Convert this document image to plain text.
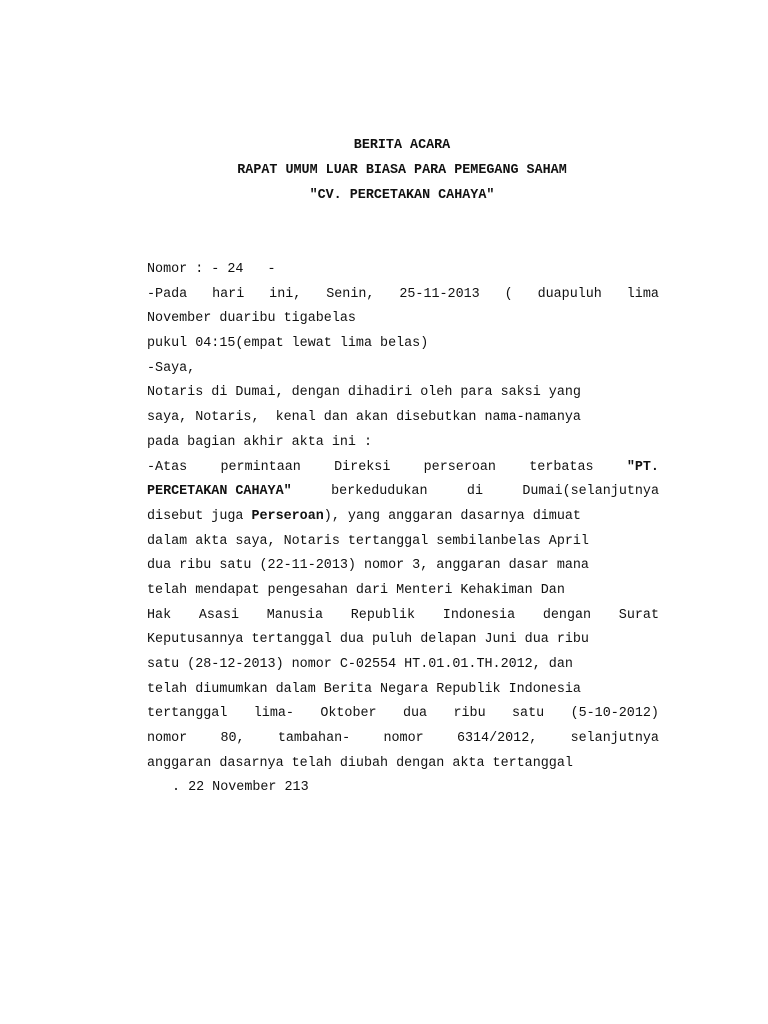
BERITA ACARA

RAPAT UMUM LUAR BIASA PARA PEMEGANG SAHAM

"CV. PERCETAKAN CAHAYA"

Nomor : - 24   -

-Pada hari ini, Senin, 25-11-2013 ( duapuluh lima

November duaribu tigabelas

pukul 04:15(empat lewat lima belas)

-Saya,

Notaris di Dumai, dengan dihadiri oleh para saksi yang

saya, Notaris,  kenal dan akan disebutkan nama-namanya

pada bagian akhir akta ini :

-Atas permintaan Direksi perseroan terbatas "PT.

PERCETAKAN CAHAYA"	berkedudukan	di	Dumai(selanjutnya

disebut juga Perseroan), yang anggaran dasarnya dimuat

dalam akta saya, Notaris tertanggal sembilanbelas April

dua ribu satu (22-11-2013) nomor 3, anggaran dasar mana

telah mendapat pengesahan dari Menteri Kehakiman Dan

Hak Asasi Manusia Republik Indonesia dengan Surat

Keputusannya tertanggal dua puluh delapan Juni dua ribu

satu (28-12-2013) nomor C-02554 HT.01.01.TH.2012, dan

telah diumumkan dalam Berita Negara Republik Indonesia

tertanggal lima- Oktober dua ribu satu (5-10-2012)

nomor 80, tambahan- nomor 6314/2012, selanjutnya

anggaran dasarnya telah diubah dengan akta tertanggal

. 22 November 213
